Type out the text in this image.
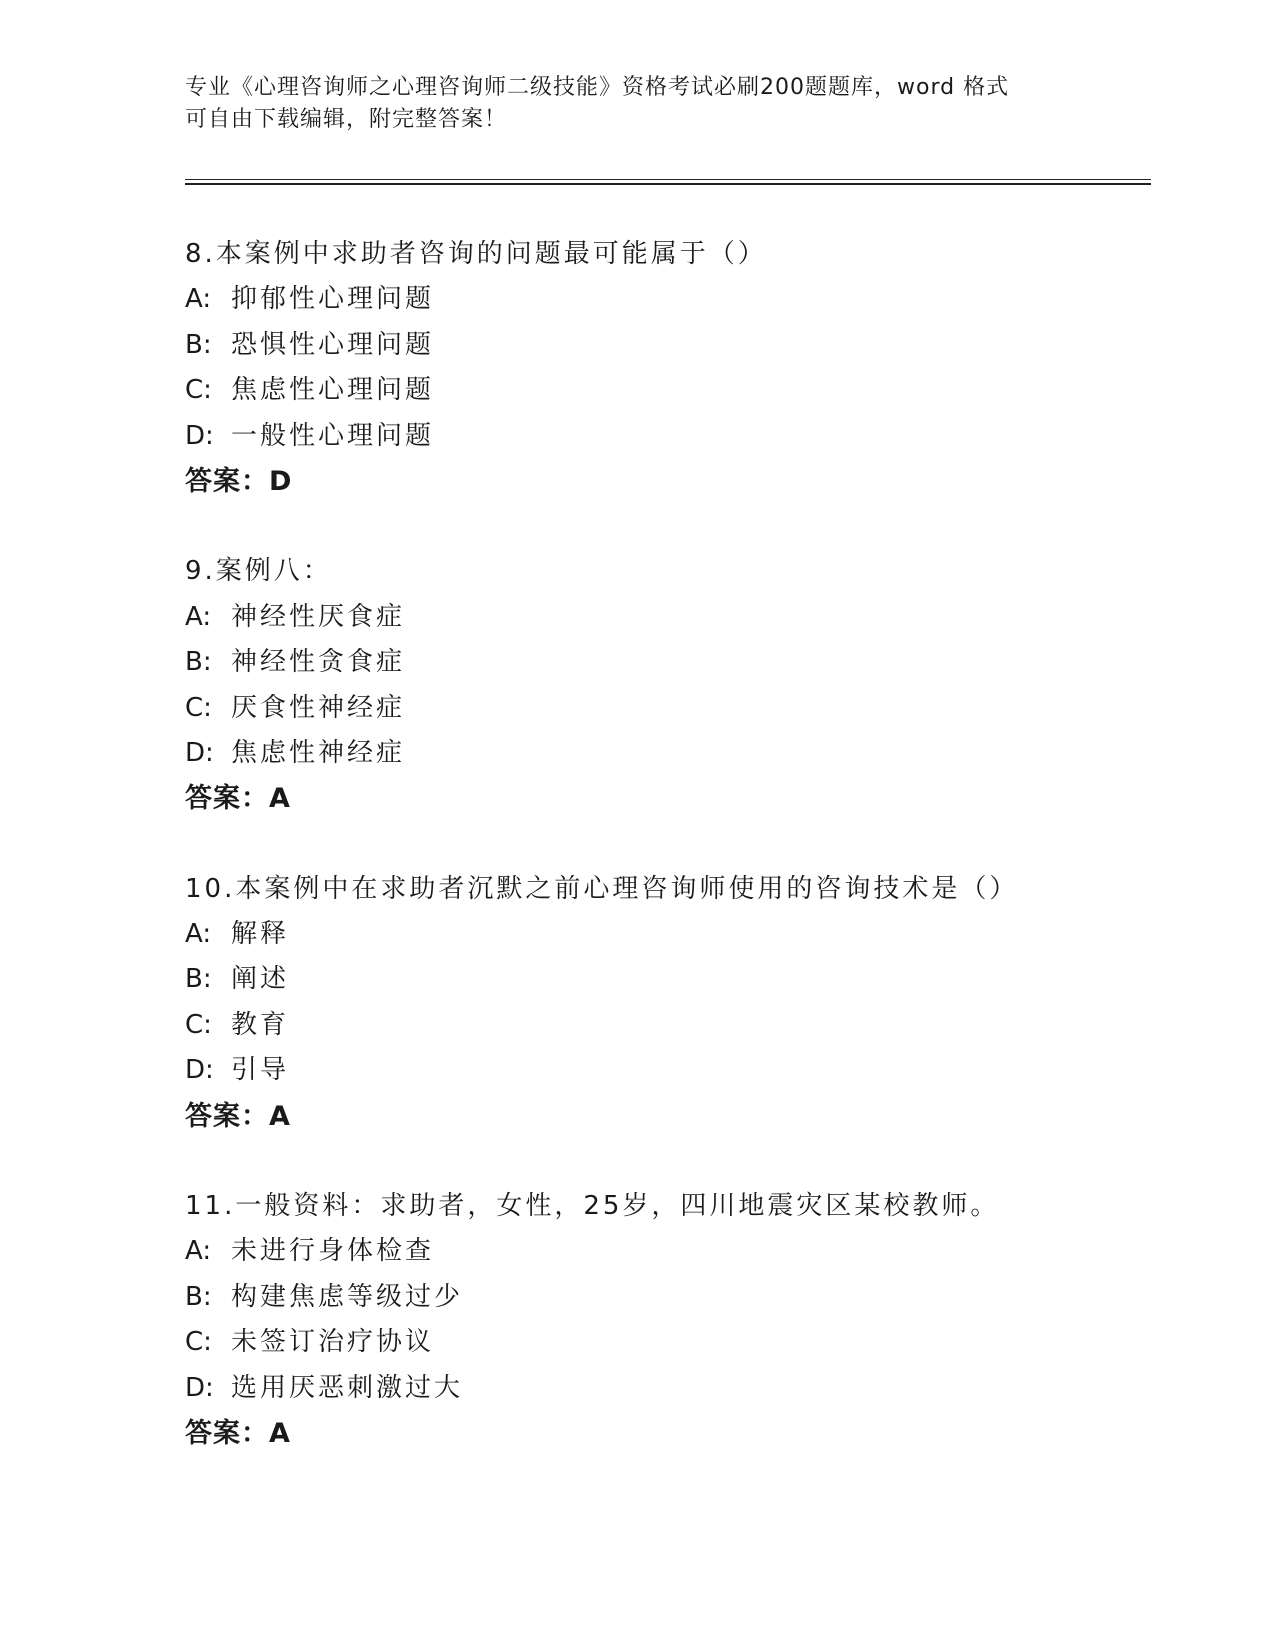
专业《心理咨询师之心理咨询师二级技能》资格考试必刷200题题库，word 格式
可自由下载编辑，附完整答案！
8.本案例中求助者咨询的问题最可能属于（）
A: 抑郁性心理问题
B: 恐惧性心理问题
C: 焦虑性心理问题
D: 一般性心理问题
答案：D
9.案例八：
A: 神经性厌食症
B: 神经性贪食症
C: 厌食性神经症
D: 焦虑性神经症
答案：A
10.本案例中在求助者沉默之前心理咨询师使用的咨询技术是（）
A: 解释
B: 阐述
C: 教育
D: 引导
答案：A
11.一般资料：求助者，女性，25岁，四川地震灾区某校教师。
A: 未进行身体检查
B: 构建焦虑等级过少
C: 未签订治疗协议
D: 选用厌恶刺激过大
答案：A
